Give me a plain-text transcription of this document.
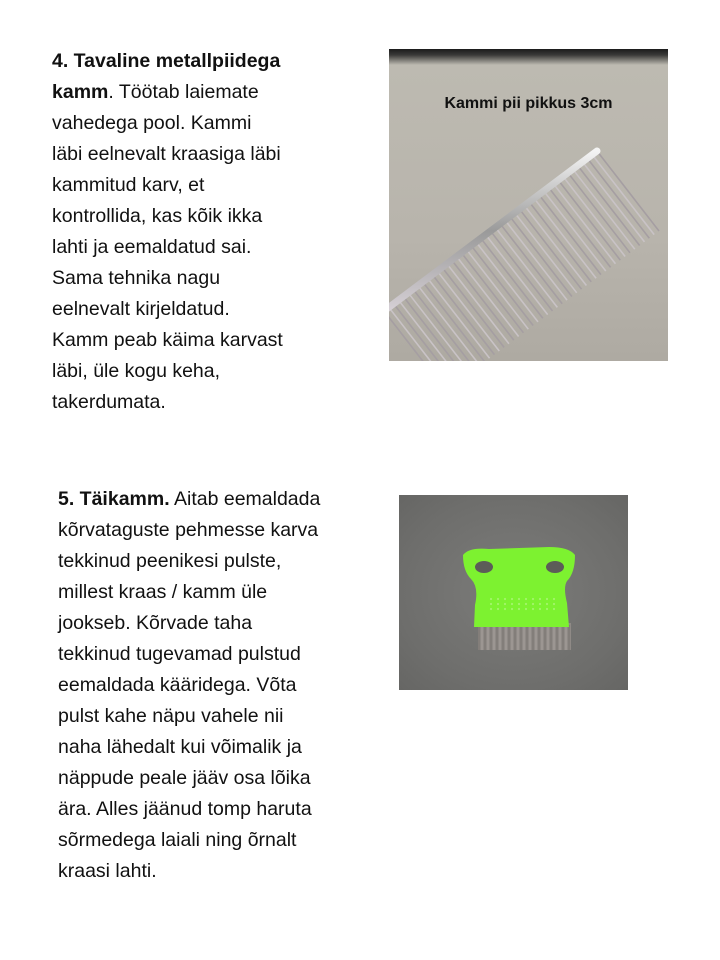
4. Tavaline metallpiidega
kamm. Töötab laiemate
vahedega pool. Kammi
läbi eelnevalt kraasiga läbi
kammitud karv, et
kontrollida, kas kõik ikka
lahti ja eemaldatud sai.
Sama tehnika nagu
eelnevalt kirjeldatud.
Kamm peab käima karvast
läbi, üle kogu keha,
takerdumata.
Kammi pii pikkus 3cm
5. Täikamm. Aitab eemaldada
kõrvataguste pehmesse karva
tekkinud peenikesi pulste,
millest kraas / kamm üle
jookseb. Kõrvade taha
tekkinud tugevamad pulstud
eemaldada kääridega. Võta
pulst kahe näpu vahele nii
naha lähedalt kui võimalik ja
näppude peale jääv osa lõika
ära. Alles jäänud tomp haruta
sõrmedega laiali ning õrnalt
kraasi lahti.
